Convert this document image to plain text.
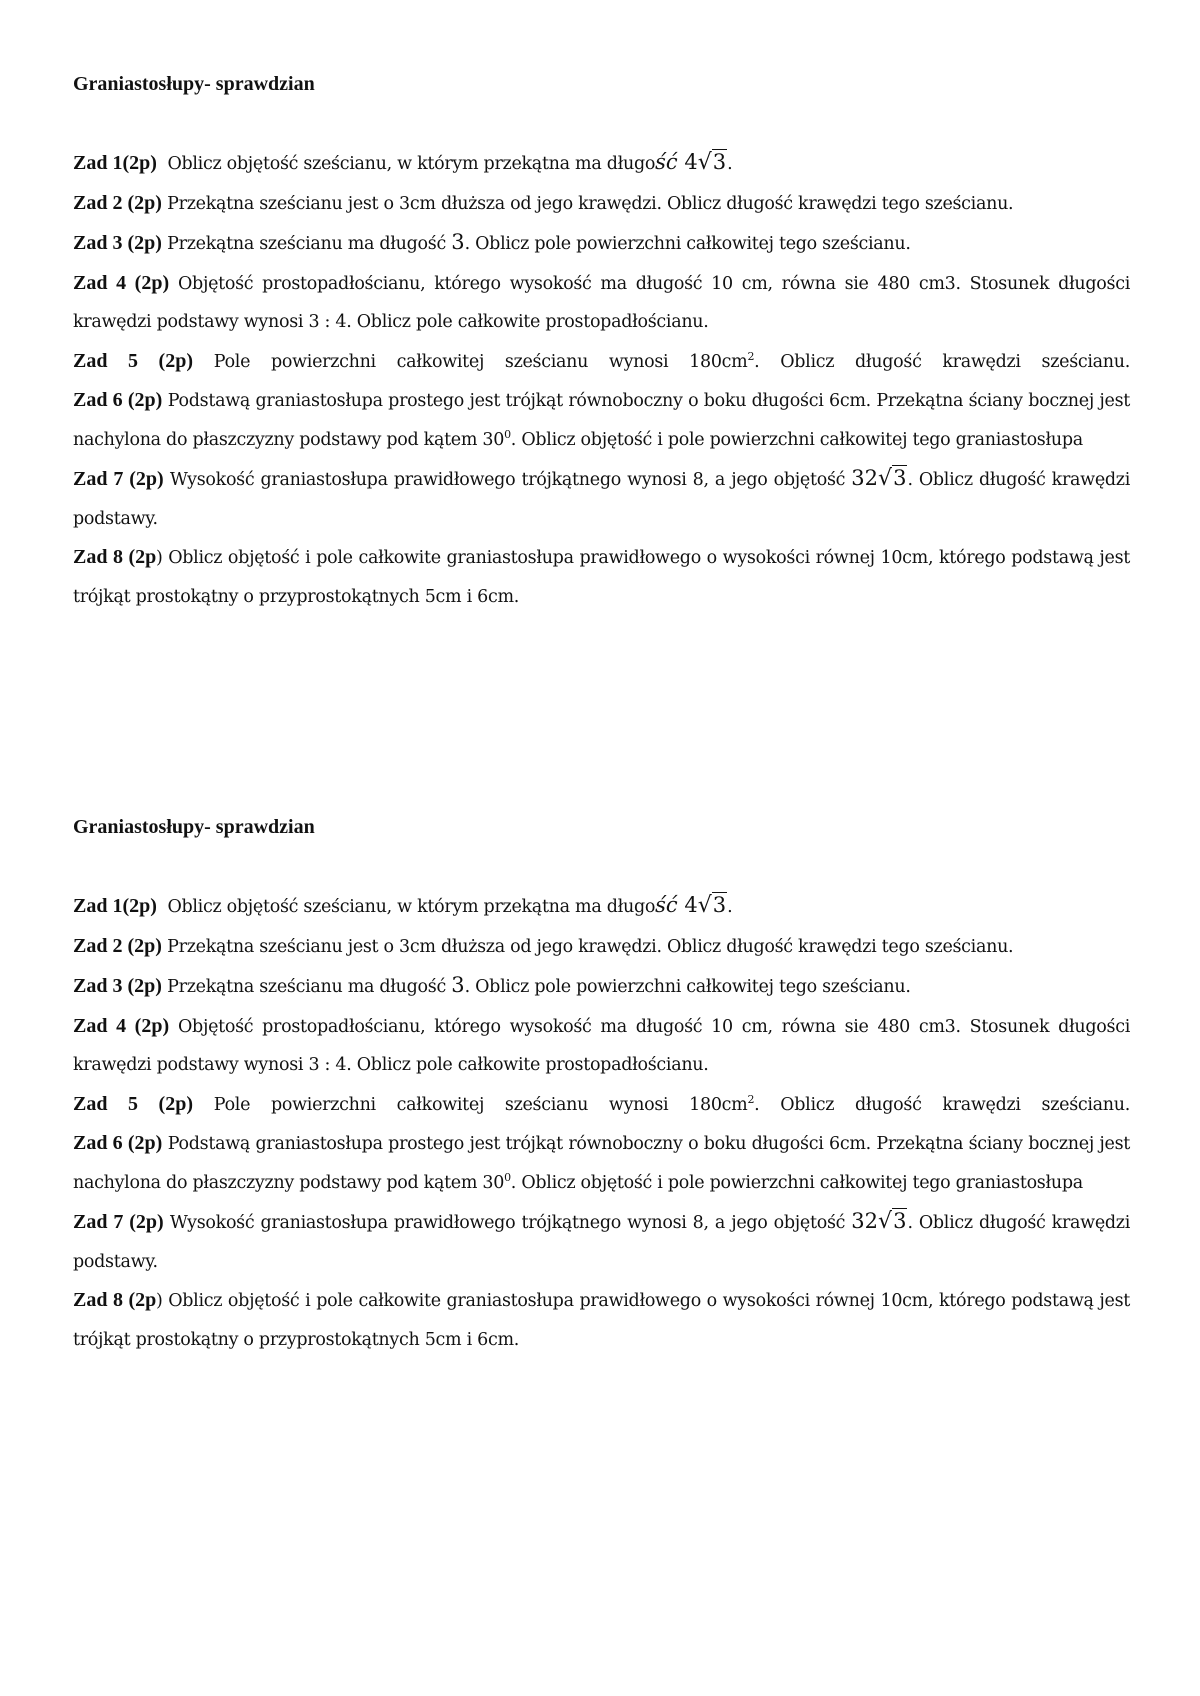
Graniastosłupy- sprawdzian
Zad 1(2p) Oblicz objętość sześcianu, w którym przekątna ma długość 4√3.
Zad 2 (2p) Przekątna sześcianu jest o 3cm dłuższa od jego krawędzi. Oblicz długość krawędzi tego sześcianu.
Zad 3 (2p) Przekątna sześcianu ma długość 3. Oblicz pole powierzchni całkowitej tego sześcianu.
Zad 4 (2p) Objętość prostopadłościanu, którego wysokość ma długość 10 cm, równa sie 480 cm3. Stosunek długości krawędzi podstawy wynosi 3 : 4. Oblicz pole całkowite prostopadłościanu.
Zad 5 (2p) Pole powierzchni całkowitej sześcianu wynosi $180cm^2$. Oblicz długość krawędzi sześcianu.
Zad 6 (2p) Podstawą graniastosłupa prostego jest trójkąt równoboczny o boku długości 6cm. Przekątna ściany bocznej jest nachylona do płaszczyzny podstawy pod kątem $30^0$. Oblicz objętość i pole powierzchni całkowitej tego graniastosłupa
Zad 7 (2p) Wysokość graniastosłupa prawidłowego trójkątnego wynosi 8, a jego objętość 32√3. Oblicz długość krawędzi podstawy.
Zad 8 (2p) Oblicz objętość i pole całkowite graniastosłupa prawidłowego o wysokości równej 10cm, którego podstawą jest trójkąt prostokątny o przyprostokątnych 5cm i 6cm.
Graniastosłupy- sprawdzian
Zad 1(2p) Oblicz objętość sześcianu, w którym przekątna ma długość 4√3.
Zad 2 (2p) Przekątna sześcianu jest o 3cm dłuższa od jego krawędzi. Oblicz długość krawędzi tego sześcianu.
Zad 3 (2p) Przekątna sześcianu ma długość 3. Oblicz pole powierzchni całkowitej tego sześcianu.
Zad 4 (2p) Objętość prostopadłościanu, którego wysokość ma długość 10 cm, równa sie 480 cm3. Stosunek długości krawędzi podstawy wynosi 3 : 4. Oblicz pole całkowite prostopadłościanu.
Zad 5 (2p) Pole powierzchni całkowitej sześcianu wynosi $180cm^2$. Oblicz długość krawędzi sześcianu.
Zad 6 (2p) Podstawą graniastosłupa prostego jest trójkąt równoboczny o boku długości 6cm. Przekątna ściany bocznej jest nachylona do płaszczyzny podstawy pod kątem $30^0$. Oblicz objętość i pole powierzchni całkowitej tego graniastosłupa
Zad 7 (2p) Wysokość graniastosłupa prawidłowego trójkątnego wynosi 8, a jego objętość 32√3. Oblicz długość krawędzi podstawy.
Zad 8 (2p) Oblicz objętość i pole całkowite graniastosłupa prawidłowego o wysokości równej 10cm, którego podstawą jest trójkąt prostokątny o przyprostokątnych 5cm i 6cm.
